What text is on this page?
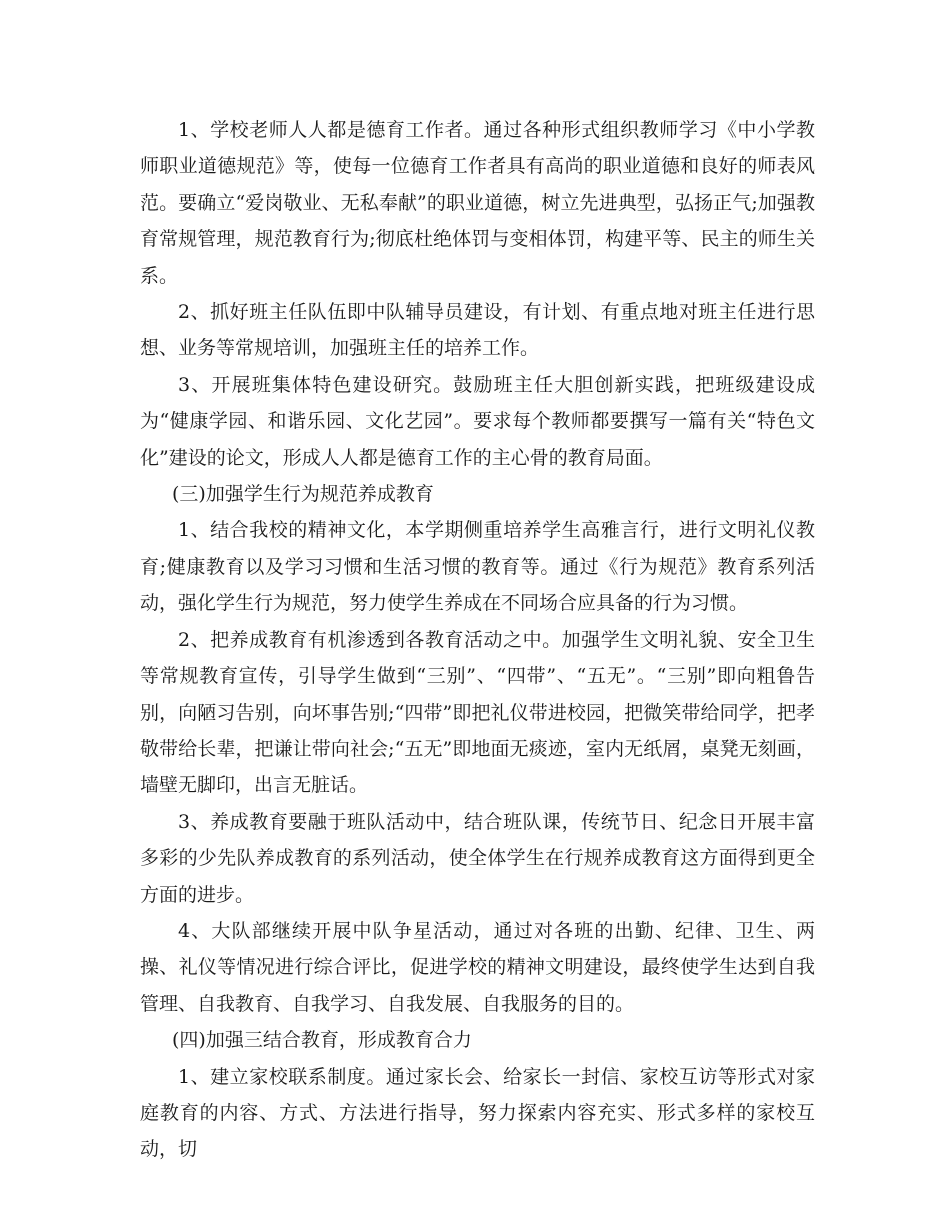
1、学校老师人人都是德育工作者。通过各种形式组织教师学习《中小学教师职业道德规范》等，使每一位德育工作者具有高尚的职业道德和良好的师表风范。要确立“爱岗敬业、无私奉献”的职业道德，树立先进典型，弘扬正气;加强教育常规管理，规范教育行为;彻底杜绝体罚与变相体罚，构建平等、民主的师生关系。

2、抓好班主任队伍即中队辅导员建设，有计划、有重点地对班主任进行思想、业务等常规培训，加强班主任的培养工作。

3、开展班集体特色建设研究。鼓励班主任大胆创新实践，把班级建设成为“健康学园、和谐乐园、文化艺园”。要求每个教师都要撰写一篇有关“特色文化”建设的论文，形成人人都是德育工作的主心骨的教育局面。

(三)加强学生行为规范养成教育

1、结合我校的精神文化，本学期侧重培养学生高雅言行，进行文明礼仪教育;健康教育以及学习习惯和生活习惯的教育等。通过《行为规范》教育系列活动，强化学生行为规范，努力使学生养成在不同场合应具备的行为习惯。

2、把养成教育有机渗透到各教育活动之中。加强学生文明礼貌、安全卫生等常规教育宣传，引导学生做到“三别”、“四带”、“五无”。“三别”即向粗鲁告别，向陋习告别，向坏事告别;“四带”即把礼仪带进校园，把微笑带给同学，把孝敬带给长辈，把谦让带向社会;“五无”即地面无痰迹，室内无纸屑，桌凳无刻画，墙壁无脚印，出言无脏话。

3、养成教育要融于班队活动中，结合班队课，传统节日、纪念日开展丰富多彩的少先队养成教育的系列活动，使全体学生在行规养成教育这方面得到更全方面的进步。

4、大队部继续开展中队争星活动，通过对各班的出勤、纪律、卫生、两操、礼仪等情况进行综合评比，促进学校的精神文明建设，最终使学生达到自我管理、自我教育、自我学习、自我发展、自我服务的目的。

(四)加强三结合教育，形成教育合力

1、建立家校联系制度。通过家长会、给家长一封信、家校互访等形式对家庭教育的内容、方式、方法进行指导，努力探索内容充实、形式多样的家校互动，切
